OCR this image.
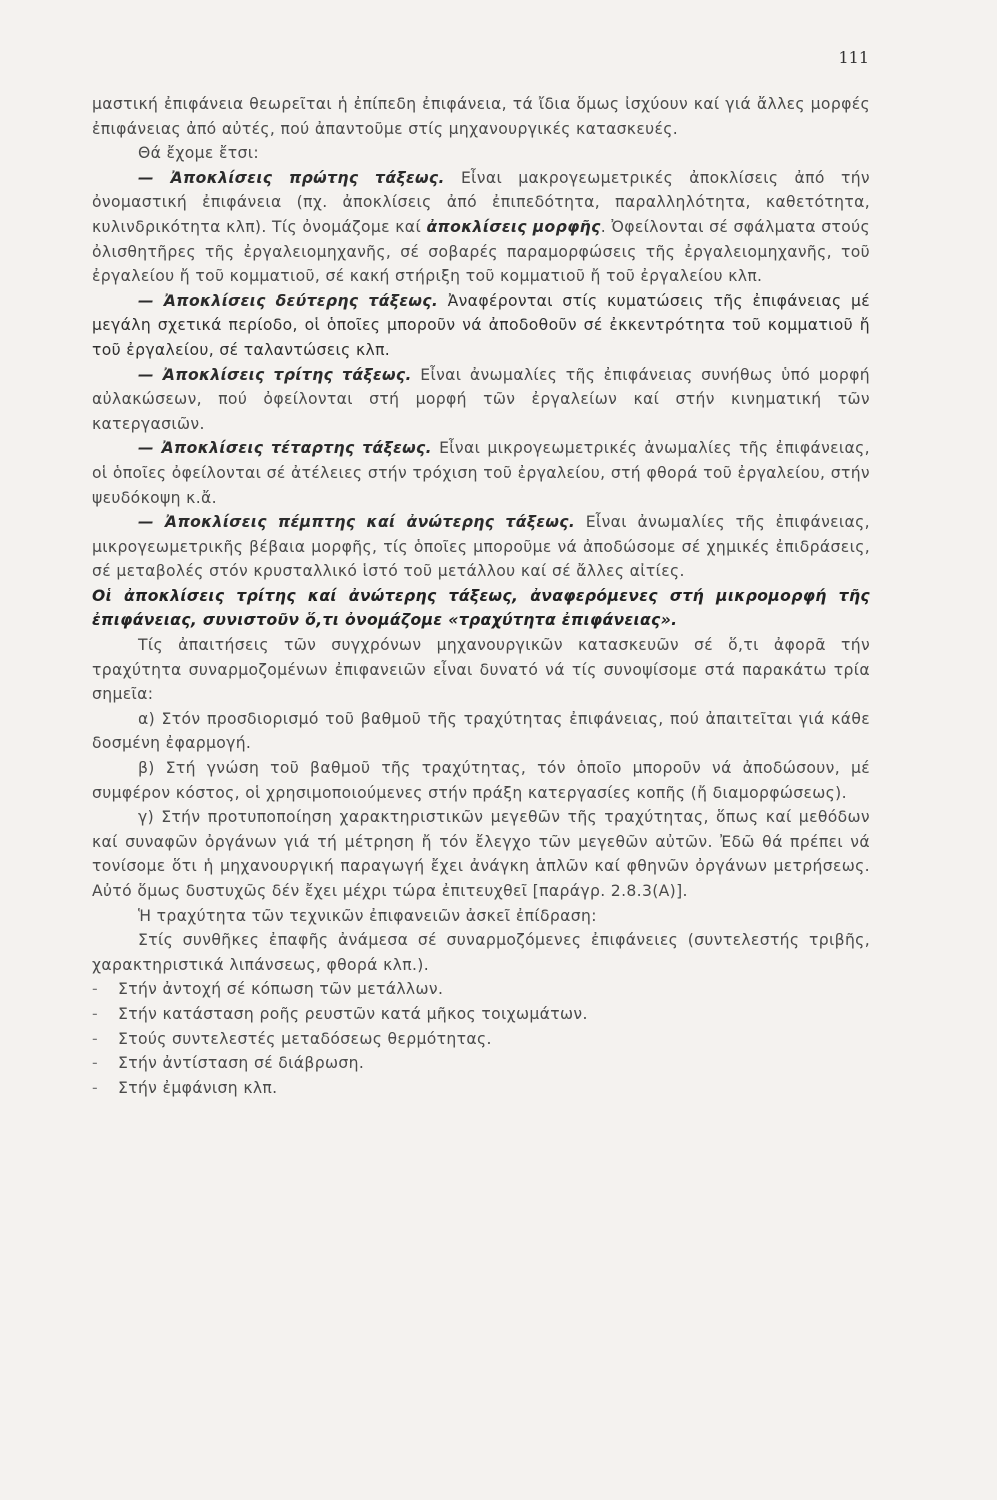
111

μαστική ἐπιφάνεια θεωρεῖται ἡ ἐπίπεδη ἐπιφάνεια, τά ἴδια ὅμως ἰσχύουν καί γιά ἄλλες μορφές ἐπιφάνειας ἀπό αὐτές, πού ἀπαντοῦμε στίς μηχανουργικές κατασκευές.

Θά ἔχομε ἔτσι:

— Ἀποκλίσεις πρώτης τάξεως. Εἶναι μακρογεωμετρικές ἀποκλίσεις ἀπό τήν ὀνομαστική ἐπιφάνεια (πχ. ἀποκλίσεις ἀπό ἐπιπεδότητα, παραλληλότητα, καθετότητα, κυλινδρικότητα κλπ). Τίς ὀνομάζομε καί ἀποκλίσεις μορφῆς. Ὀφείλονται σέ σφάλματα στούς ὀλισθητῆρες τῆς ἐργαλειομηχανῆς, σέ σοβαρές παραμορφώσεις τῆς ἐργαλειομηχανῆς, τοῦ ἐργαλείου ἤ τοῦ κομματιοῦ, σέ κακή στήριξη τοῦ κομματιοῦ ἤ τοῦ ἐργαλείου κλπ.

— Ἀποκλίσεις δεύτερης τάξεως. Ἀναφέρονται στίς κυματώσεις τῆς ἐπιφάνειας μέ μεγάλη σχετικά περίοδο, οἱ ὁποῖες μποροῦν νά ἀποδοθοῦν σέ ἐκκεντρότητα τοῦ κομματιοῦ ἤ τοῦ ἐργαλείου, σέ ταλαντώσεις κλπ.

— Ἀποκλίσεις τρίτης τάξεως. Εἶναι ἀνωμαλίες τῆς ἐπιφάνειας συνήθως ὑπό μορφή αὐλακώσεων, πού ὀφείλονται στή μορφή τῶν ἐργαλείων καί στήν κινηματική τῶν κατεργασιῶν.

— Ἀποκλίσεις τέταρτης τάξεως. Εἶναι μικρογεωμετρικές ἀνωμαλίες τῆς ἐπιφάνειας, οἱ ὁποῖες ὀφείλονται σέ ἀτέλειες στήν τρόχιση τοῦ ἐργαλείου, στή φθορά τοῦ ἐργαλείου, στήν ψευδόκοψη κ.ἄ.

— Ἀποκλίσεις πέμπτης καί ἀνώτερης τάξεως. Εἶναι ἀνωμαλίες τῆς ἐπιφάνειας, μικρογεωμετρικῆς βέβαια μορφῆς, τίς ὁποῖες μποροῦμε νά ἀποδώσομε σέ χημικές ἐπιδράσεις, σέ μεταβολές στόν κρυσταλλικό ἱστό τοῦ μετάλλου καί σέ ἄλλες αἰτίες.

Οἱ ἀποκλίσεις τρίτης καί ἀνώτερης τάξεως, ἀναφερόμενες στή μικρομορφή τῆς ἐπιφάνειας, συνιστοῦν ὅ,τι ὀνομάζομε «τραχύτητα ἐπιφάνειας».

Τίς ἀπαιτήσεις τῶν συγχρόνων μηχανουργικῶν κατασκευῶν σέ ὅ,τι ἀφορᾶ τήν τραχύτητα συναρμοζομένων ἐπιφανειῶν εἶναι δυνατό νά τίς συνοψίσομε στά παρακάτω τρία σημεῖα:

α) Στόν προσδιορισμό τοῦ βαθμοῦ τῆς τραχύτητας ἐπιφάνειας, πού ἀπαιτεῖται γιά κάθε δοσμένη ἐφαρμογή.

β) Στή γνώση τοῦ βαθμοῦ τῆς τραχύτητας, τόν ὁποῖο μποροῦν νά ἀποδώσουν, μέ συμφέρον κόστος, οἱ χρησιμοποιούμενες στήν πράξη κατεργασίες κοπῆς (ἤ διαμορφώσεως).

γ) Στήν προτυποποίηση χαρακτηριστικῶν μεγεθῶν τῆς τραχύτητας, ὅπως καί μεθόδων καί συναφῶν ὀργάνων γιά τή μέτρηση ἤ τόν ἔλεγχο τῶν μεγεθῶν αὐτῶν. Ἐδῶ θά πρέπει νά τονίσομε ὅτι ἡ μηχανουργική παραγωγή ἔχει ἀνάγκη ἁπλῶν καί φθηνῶν ὀργάνων μετρήσεως. Αὐτό ὅμως δυστυχῶς δέν ἔχει μέχρι τώρα ἐπιτευχθεῖ [παράγρ. 2.8.3(Α)].

Ἡ τραχύτητα τῶν τεχνικῶν ἐπιφανειῶν ἀσκεῖ ἐπίδραση:

Στίς συνθῆκες ἐπαφῆς ἀνάμεσα σέ συναρμοζόμενες ἐπιφάνειες (συντελεστής τριβῆς, χαρακτηριστικά λιπάνσεως, φθορά κλπ.).

- Στήν ἀντοχή σέ κόπωση τῶν μετάλλων.
- Στήν κατάσταση ροῆς ρευστῶν κατά μῆκος τοιχωμάτων.
- Στούς συντελεστές μεταδόσεως θερμότητας.
- Στήν ἀντίσταση σέ διάβρωση.
- Στήν ἐμφάνιση κλπ.
